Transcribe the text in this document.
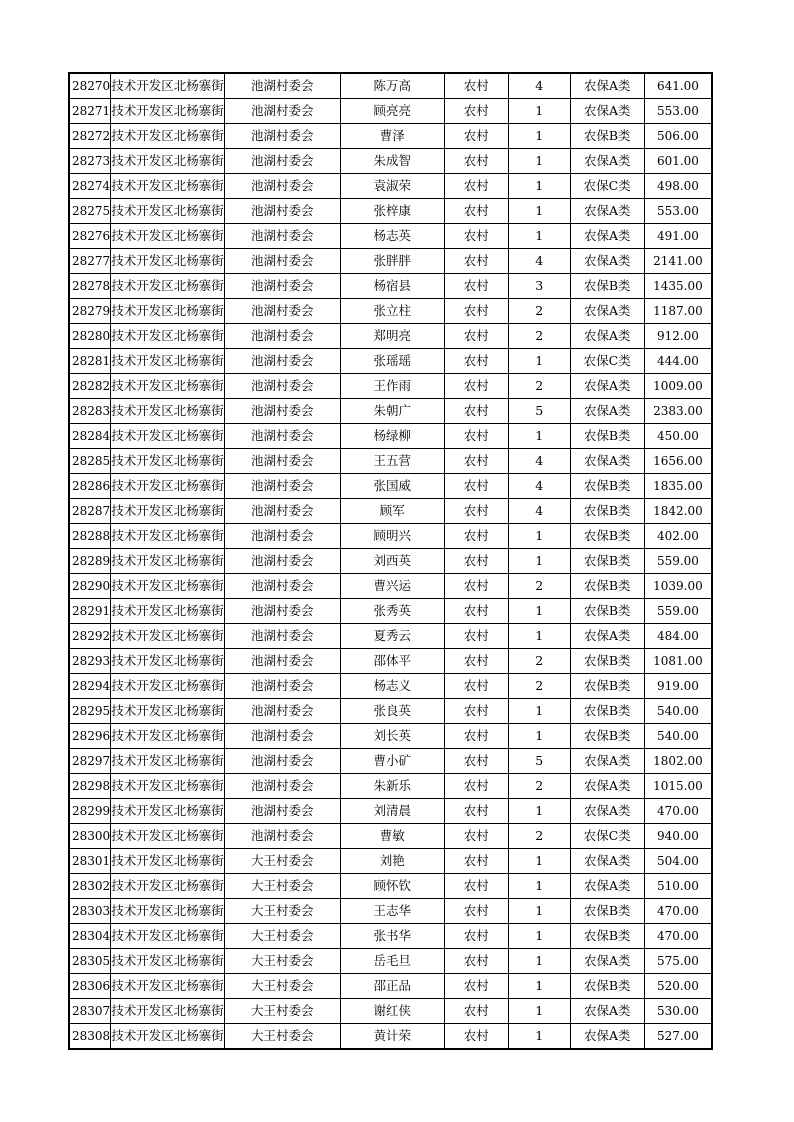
28270	技术开发区北杨寨街	池湖村委会	陈万高	农村	4	农保A类	641.00
28271	技术开发区北杨寨街	池湖村委会	顾亮亮	农村	1	农保A类	553.00
28272	技术开发区北杨寨街	池湖村委会	曹泽	农村	1	农保B类	506.00
28273	技术开发区北杨寨街	池湖村委会	朱成智	农村	1	农保A类	601.00
28274	技术开发区北杨寨街	池湖村委会	袁淑荣	农村	1	农保C类	498.00
28275	技术开发区北杨寨街	池湖村委会	张梓康	农村	1	农保A类	553.00
28276	技术开发区北杨寨街	池湖村委会	杨志英	农村	1	农保A类	491.00
28277	技术开发区北杨寨街	池湖村委会	张胖胖	农村	4	农保A类	2141.00
28278	技术开发区北杨寨街	池湖村委会	杨宿县	农村	3	农保B类	1435.00
28279	技术开发区北杨寨街	池湖村委会	张立柱	农村	2	农保A类	1187.00
28280	技术开发区北杨寨街	池湖村委会	郑明亮	农村	2	农保A类	912.00
28281	技术开发区北杨寨街	池湖村委会	张瑶瑶	农村	1	农保C类	444.00
28282	技术开发区北杨寨街	池湖村委会	王作雨	农村	2	农保A类	1009.00
28283	技术开发区北杨寨街	池湖村委会	朱朝广	农村	5	农保A类	2383.00
28284	技术开发区北杨寨街	池湖村委会	杨绿柳	农村	1	农保B类	450.00
28285	技术开发区北杨寨街	池湖村委会	王五营	农村	4	农保A类	1656.00
28286	技术开发区北杨寨街	池湖村委会	张国威	农村	4	农保B类	1835.00
28287	技术开发区北杨寨街	池湖村委会	顾军	农村	4	农保B类	1842.00
28288	技术开发区北杨寨街	池湖村委会	顾明兴	农村	1	农保B类	402.00
28289	技术开发区北杨寨街	池湖村委会	刘西英	农村	1	农保B类	559.00
28290	技术开发区北杨寨街	池湖村委会	曹兴运	农村	2	农保B类	1039.00
28291	技术开发区北杨寨街	池湖村委会	张秀英	农村	1	农保B类	559.00
28292	技术开发区北杨寨街	池湖村委会	夏秀云	农村	1	农保A类	484.00
28293	技术开发区北杨寨街	池湖村委会	邵体平	农村	2	农保B类	1081.00
28294	技术开发区北杨寨街	池湖村委会	杨志义	农村	2	农保B类	919.00
28295	技术开发区北杨寨街	池湖村委会	张良英	农村	1	农保B类	540.00
28296	技术开发区北杨寨街	池湖村委会	刘长英	农村	1	农保B类	540.00
28297	技术开发区北杨寨街	池湖村委会	曹小矿	农村	5	农保A类	1802.00
28298	技术开发区北杨寨街	池湖村委会	朱新乐	农村	2	农保A类	1015.00
28299	技术开发区北杨寨街	池湖村委会	刘清晨	农村	1	农保A类	470.00
28300	技术开发区北杨寨街	池湖村委会	曹敏	农村	2	农保C类	940.00
28301	技术开发区北杨寨街	大王村委会	刘艳	农村	1	农保A类	504.00
28302	技术开发区北杨寨街	大王村委会	顾怀钦	农村	1	农保A类	510.00
28303	技术开发区北杨寨街	大王村委会	王志华	农村	1	农保B类	470.00
28304	技术开发区北杨寨街	大王村委会	张书华	农村	1	农保B类	470.00
28305	技术开发区北杨寨街	大王村委会	岳毛旦	农村	1	农保A类	575.00
28306	技术开发区北杨寨街	大王村委会	邵正品	农村	1	农保B类	520.00
28307	技术开发区北杨寨街	大王村委会	谢红侠	农村	1	农保A类	530.00
28308	技术开发区北杨寨街	大王村委会	黄计荣	农村	1	农保A类	527.00
